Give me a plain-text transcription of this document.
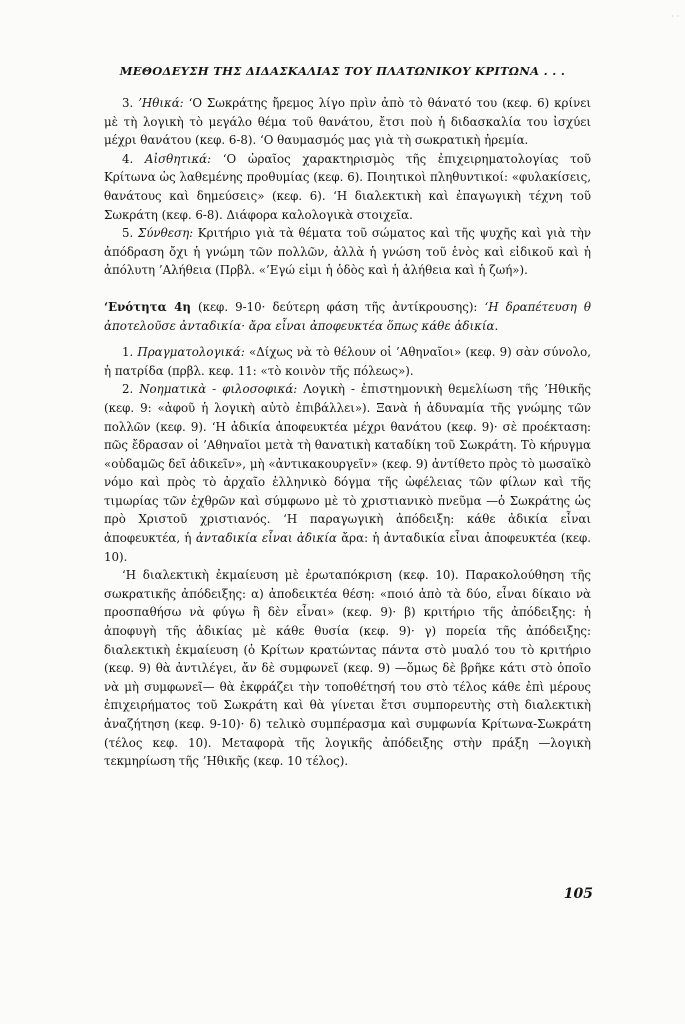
· ·
ΜΕΘΟΔΕΥΣΗ ΤΗΣ ΔΙΔΑΣΚΑΛΙΑΣ ΤΟΥ ΠΛΑΤΩΝΙΚΟΥ ΚΡΙΤΩΝΑ . . .

3. ’Ηθικά: ‘Ο Σωκράτης ἤρεμος λίγο πρὶν ἀπὸ τὸ θάνατό του (κεφ. 6) κρίνει μὲ τὴ λογικὴ τὸ μεγάλο θέμα τοῦ θανάτου, ἔτσι ποὺ ἡ διδασκαλία του ἰσχύει μέχρι θανάτου (κεφ. 6-8). ‘Ο θαυμασμός μας γιὰ τὴ σωκρατικὴ ἠρεμία.

4. Αἰσθητικά: ‘Ο ὡραῖος χαρακτηρισμὸς τῆς ἐπιχειρηματολογίας τοῦ Κρίτωνα ὡς λαθεμένης προθυμίας (κεφ. 6). Ποιητικοὶ πληθυντικοί: «φυλακίσεις, θανάτους καὶ δημεύσεις» (κεφ. 6). ‘Η διαλεκτικὴ καὶ ἐπαγωγικὴ τέχνη τοῦ Σωκράτη (κεφ. 6-8). Διάφορα καλολογικὰ στοιχεῖα.

5. Σύνθεση: Κριτήριο γιὰ τὰ θέματα τοῦ σώματος καὶ τῆς ψυχῆς καὶ γιὰ τὴν ἀπόδραση ὄχι ἡ γνώμη τῶν πολλῶν, ἀλλὰ ἡ γνώση τοῦ ἑνὸς καὶ εἰδικοῦ καὶ ἡ ἀπόλυτη ’Αλήθεια (Πρβλ. «’Εγώ εἰμι ἡ ὁδὸς καὶ ἡ ἀλήθεια καὶ ἡ ζωή»).

‘Ενότητα 4η (κεφ. 9-10· δεύτερη φάση τῆς ἀντίκρουσης): ‘Η δραπέτευση θ ἀποτελοῦσε ἀνταδικία· ἄρα εἶναι ἀποφευκτέα ὅπως κάθε ἀδικία.

1. Πραγματολογικά: «Δίχως νὰ τὸ θέλουν οἱ ’Αθηναῖοι» (κεφ. 9) σὰν σύνολο, ἡ πατρίδα (πρβλ. κεφ. 11: «τὸ κοινὸν τῆς πόλεως»).

2. Νοηματικὰ - φιλοσοφικά: Λογικὴ - ἐπιστημονικὴ θεμελίωση τῆς ’Ηθικῆς (κεφ. 9: «ἀφοῦ ἡ λογικὴ αὐτὸ ἐπιβάλλει»). Ξανὰ ἡ ἀδυναμία τῆς γνώμης τῶν πολλῶν (κεφ. 9). ‘Η ἀδικία ἀποφευκτέα μέχρι θανάτου (κεφ. 9)· σὲ προέκταση: πῶς ἔδρασαν οἱ ’Αθηναῖοι μετὰ τὴ θανατικὴ καταδίκη τοῦ Σωκράτη. Τὸ κήρυγμα «οὐδαμῶς δεῖ ἀδικεῖν», μὴ «ἀντικακουργεῖν» (κεφ. 9) ἀντίθετο πρὸς τὸ μωσαϊκὸ νόμο καὶ πρὸς τὸ ἀρχαῖο ἑλληνικὸ δόγμα τῆς ὠφέλειας τῶν φίλων καὶ τῆς τιμωρίας τῶν ἐχθρῶν καὶ σύμφωνο μὲ τὸ χριστιανικὸ πνεῦμα —ὁ Σωκράτης ὡς πρὸ Χριστοῦ χριστιανός. ‘Η παραγωγικὴ ἀπόδειξη: κάθε ἀδικία εἶναι ἀποφευκτέα, ἡ ἀνταδικία εἶναι ἀδικία ἄρα: ἡ ἀνταδικία εἶναι ἀποφευκτέα (κεφ. 10).

‘Η διαλεκτικὴ ἐκμαίευση μὲ ἐρωταπόκριση (κεφ. 10). Παρακολούθηση τῆς σωκρατικῆς ἀπόδειξης: α) ἀποδεικτέα θέση: «ποιό ἀπὸ τὰ δύο, εἶναι δίκαιο νὰ προσπαθήσω νὰ φύγω ἢ δὲν εἶναι» (κεφ. 9)· β) κριτήριο τῆς ἀπόδειξης: ἡ ἀποφυγὴ τῆς ἀδικίας μὲ κάθε θυσία (κεφ. 9)· γ) πορεία τῆς ἀπόδειξης: διαλεκτικὴ ἐκμαίευση (ὁ Κρίτων κρατώντας πάντα στὸ μυαλό του τὸ κριτήριο (κεφ. 9) θὰ ἀντιλέγει, ἄν δὲ συμφωνεῖ (κεφ. 9) —ὅμως δὲ βρῆκε κάτι στὸ ὁποῖο νὰ μὴ συμφωνεῖ— θὰ ἐκφράζει τὴν τοποθέτησή του στὸ τέλος κάθε ἐπὶ μέρους ἐπιχειρήματος τοῦ Σωκράτη καὶ θὰ γίνεται ἔτσι συμπορευτὴς στὴ διαλεκτικὴ ἀναζήτηση (κεφ. 9-10)· δ) τελικὸ συμπέρασμα καὶ συμφωνία Κρίτωνα-Σωκράτη (τέλος κεφ. 10). Μεταφορὰ τῆς λογικῆς ἀπόδειξης στὴν πράξη —λογικὴ τεκμηρίωση τῆς ’Ηθικῆς (κεφ. 10 τέλος).

105
